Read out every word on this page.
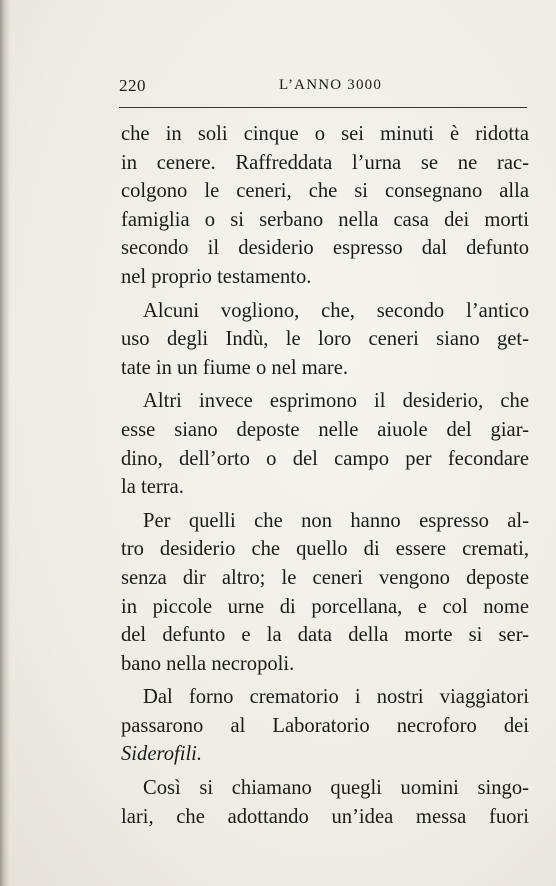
220	L’ANNO 3000
che in soli cinque o sei minuti è ridotta
in cenere. Raffreddata l’urna se ne rac-
colgono le ceneri, che si consegnano alla
famiglia o si serbano nella casa dei morti
secondo il desiderio espresso dal defunto
nel proprio testamento.
Alcuni vogliono, che, secondo l’antico
uso degli Indù, le loro ceneri siano get-
tate in un fiume o nel mare.
Altri invece esprimono il desiderio, che
esse siano deposte nelle aiuole del giar-
dino, dell’orto o del campo per fecondare
la terra.
Per quelli che non hanno espresso al-
tro desiderio che quello di essere cremati,
senza dir altro; le ceneri vengono deposte
in piccole urne di porcellana, e col nome
del defunto e la data della morte si ser-
bano nella necropoli.
Dal forno crematorio i nostri viaggiatori
passarono al Laboratorio necroforo dei
Siderofili.
Così si chiamano quegli uomini singo-
lari, che adottando un’idea messa fuori
